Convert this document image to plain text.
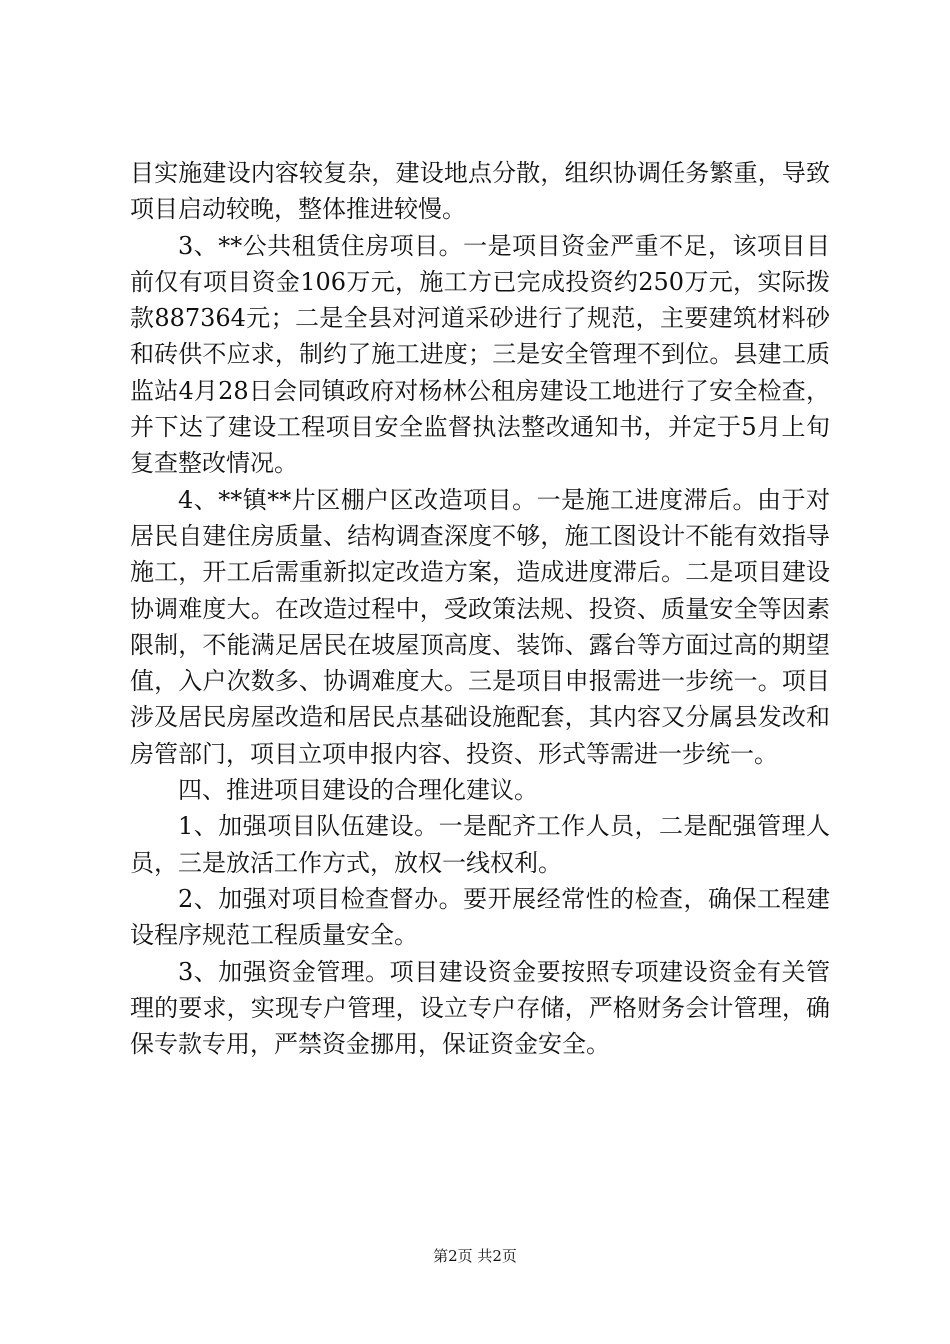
目实施建设内容较复杂，建设地点分散，组织协调任务繁重，导致项目启动较晚，整体推进较慢。

3、**公共租赁住房项目。一是项目资金严重不足，该项目目前仅有项目资金106万元，施工方已完成投资约250万元，实际拨款887364元；二是全县对河道采砂进行了规范，主要建筑材料砂和砖供不应求，制约了施工进度；三是安全管理不到位。县建工质监站4月28日会同镇政府对杨林公租房建设工地进行了安全检查，并下达了建设工程项目安全监督执法整改通知书，并定于5月上旬复查整改情况。

4、**镇**片区棚户区改造项目。一是施工进度滞后。由于对居民自建住房质量、结构调查深度不够，施工图设计不能有效指导施工，开工后需重新拟定改造方案，造成进度滞后。二是项目建设协调难度大。在改造过程中，受政策法规、投资、质量安全等因素限制，不能满足居民在坡屋顶高度、装饰、露台等方面过高的期望值，入户次数多、协调难度大。三是项目申报需进一步统一。项目涉及居民房屋改造和居民点基础设施配套，其内容又分属县发改和房管部门，项目立项申报内容、投资、形式等需进一步统一。

四、推进项目建设的合理化建议。

1、加强项目队伍建设。一是配齐工作人员，二是配强管理人员，三是放活工作方式，放权一线权利。

2、加强对项目检查督办。要开展经常性的检查，确保工程建设程序规范工程质量安全。

3、加强资金管理。项目建设资金要按照专项建设资金有关管理的要求，实现专户管理，设立专户存储，严格财务会计管理，确保专款专用，严禁资金挪用，保证资金安全。

第2页 共2页
